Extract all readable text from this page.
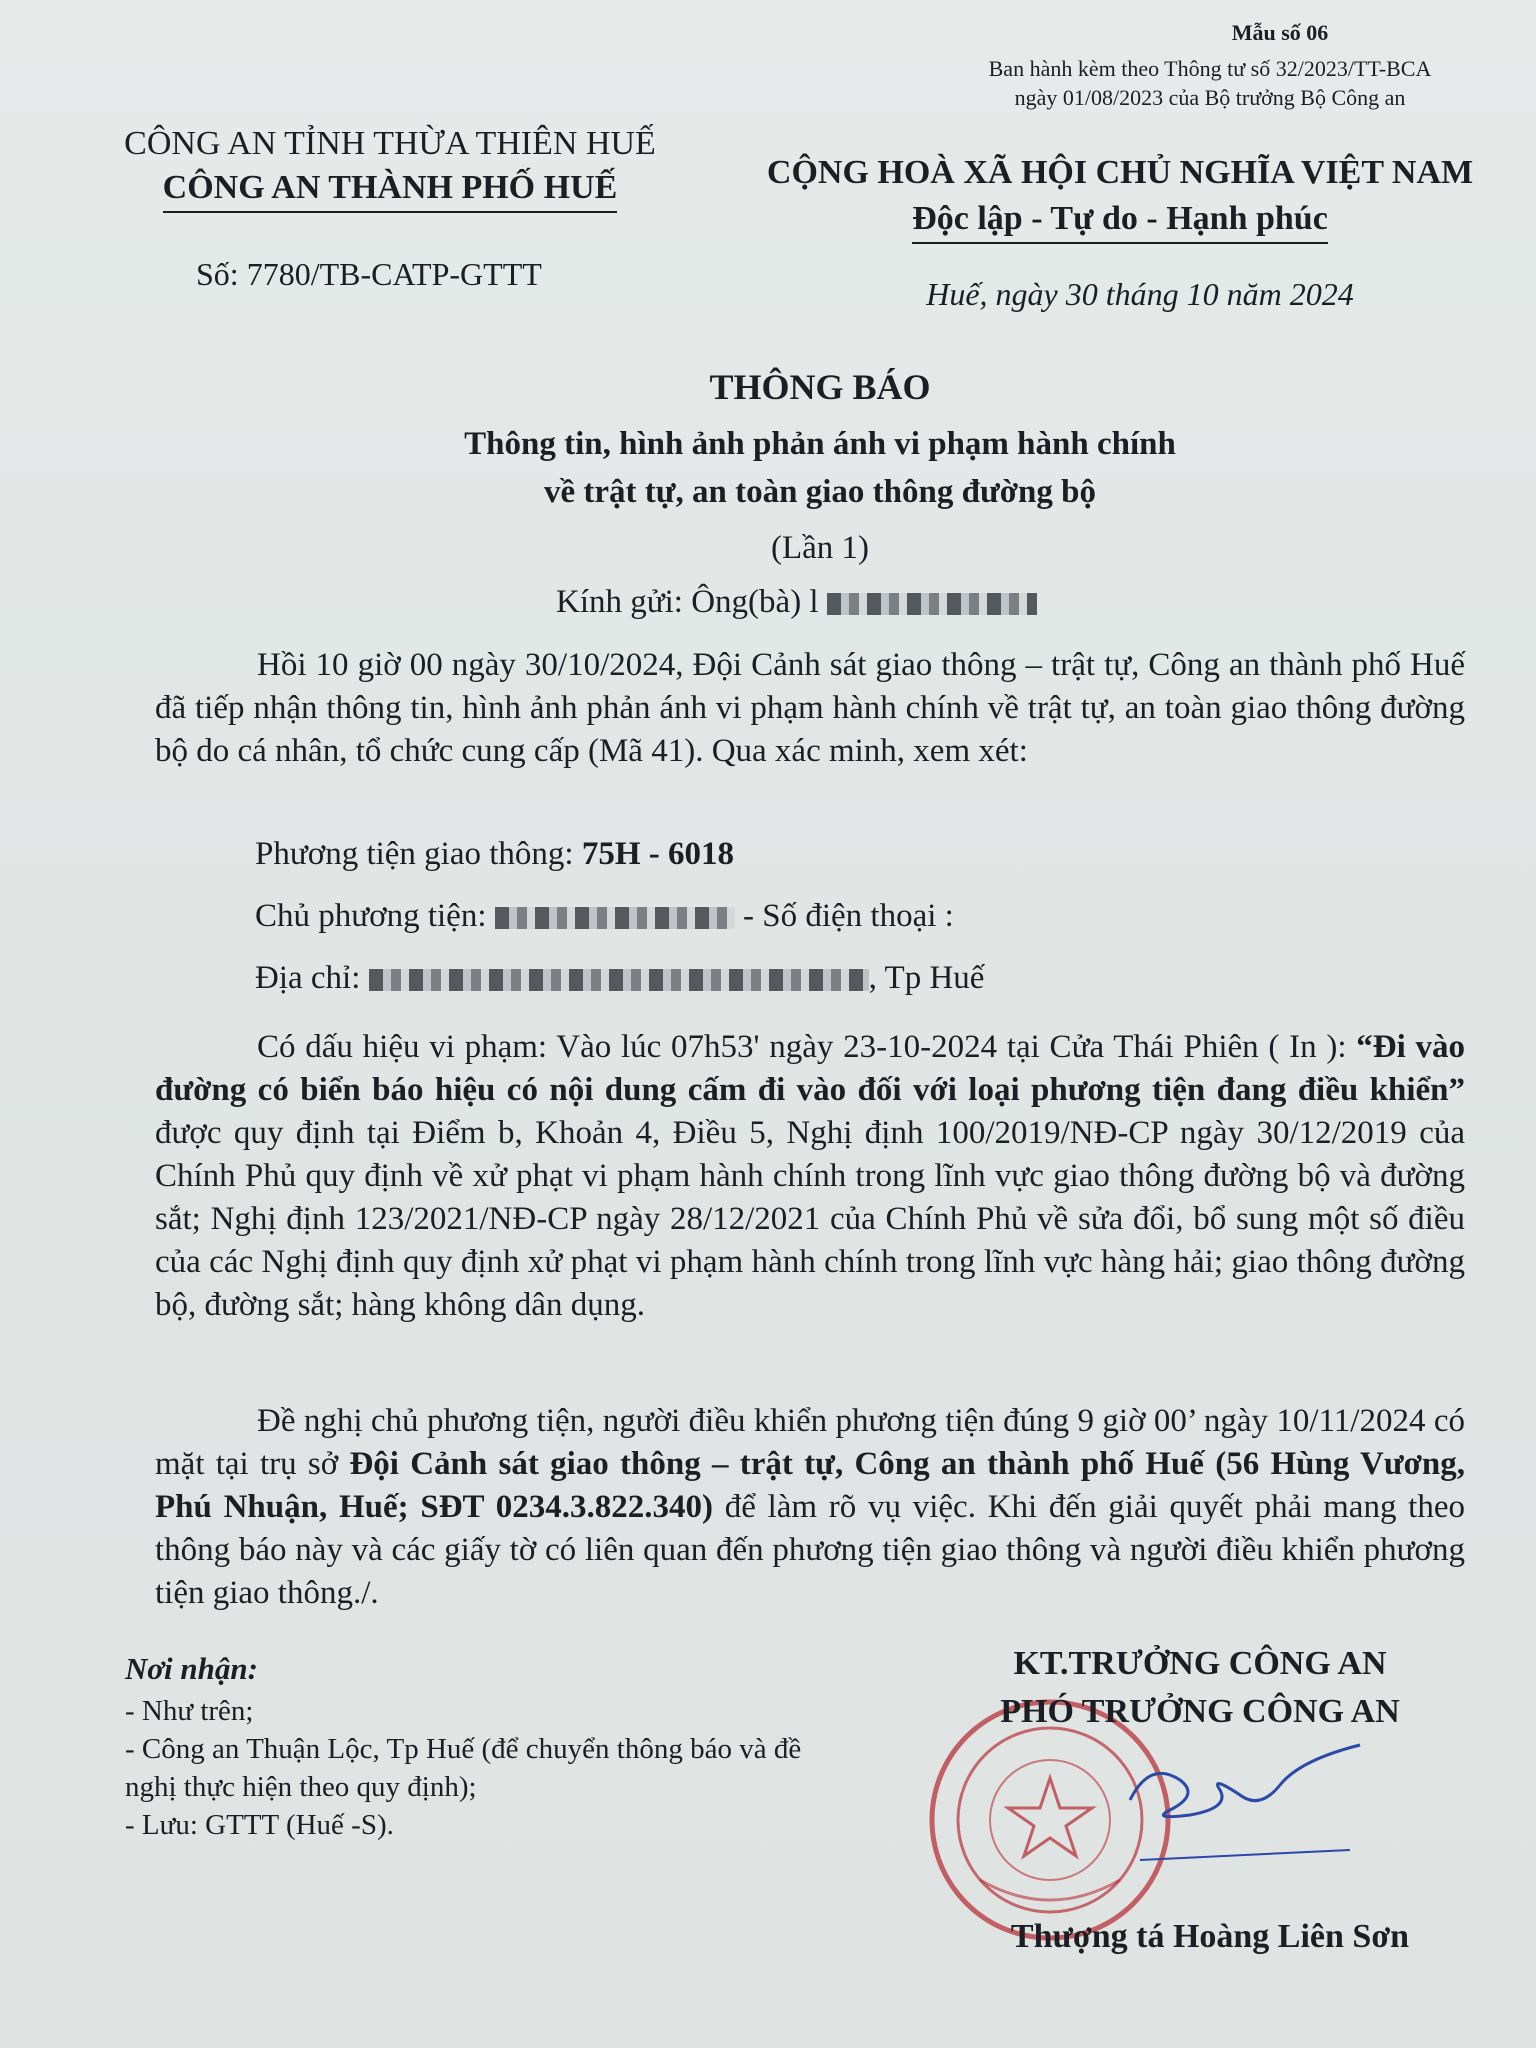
Mẫu số 06
Ban hành kèm theo Thông tư số 32/2023/TT-BCA
ngày 01/08/2023 của Bộ trưởng Bộ Công an
CÔNG AN TỈNH THỪA THIÊN HUẾ
CÔNG AN THÀNH PHỐ HUẾ	CỘNG HOÀ XÃ HỘI CHỦ NGHĨA VIỆT NAM
Độc lập - Tự do - Hạnh phúc
Số: 7780/TB-CATP-GTTT
Huế, ngày 30 tháng 10 năm 2024
THÔNG BÁO
Thông tin, hình ảnh phản ánh vi phạm hành chính
về trật tự, an toàn giao thông đường bộ
(Lần 1)
Kính gửi: Ông(bà) l

Hồi 10 giờ 00 ngày 30/10/2024, Đội Cảnh sát giao thông – trật tự, Công an thành phố Huế đã tiếp nhận thông tin, hình ảnh phản ánh vi phạm hành chính về trật tự, an toàn giao thông đường bộ do cá nhân, tổ chức cung cấp (Mã 41). Qua xác minh, xem xét:

Phương tiện giao thông: 75H - 6018
Chủ phương tiện:	- Số điện thoại :
Địa chỉ:	, Tp Huế

Có dấu hiệu vi phạm: Vào lúc 07h53' ngày 23-10-2024 tại Cửa Thái Phiên ( In ): “Đi vào đường có biển báo hiệu có nội dung cấm đi vào đối với loại phương tiện đang điều khiển” được quy định tại Điểm b, Khoản 4, Điều 5, Nghị định 100/2019/NĐ-CP ngày 30/12/2019 của Chính Phủ quy định về xử phạt vi phạm hành chính trong lĩnh vực giao thông đường bộ và đường sắt; Nghị định 123/2021/NĐ-CP ngày 28/12/2021 của Chính Phủ về sửa đổi, bổ sung một số điều của các Nghị định quy định xử phạt vi phạm hành chính trong lĩnh vực hàng hải; giao thông đường bộ, đường sắt; hàng không dân dụng.

Đề nghị chủ phương tiện, người điều khiển phương tiện đúng 9 giờ 00’ ngày 10/11/2024 có mặt tại trụ sở Đội Cảnh sát giao thông – trật tự, Công an thành phố Huế (56 Hùng Vương, Phú Nhuận, Huế; SĐT 0234.3.822.340) để làm rõ vụ việc. Khi đến giải quyết phải mang theo thông báo này và các giấy tờ có liên quan đến phương tiện giao thông và người điều khiển phương tiện giao thông./.

Nơi nhận:
- Như trên;
- Công an Thuận Lộc, Tp Huế (để chuyển thông báo và đề nghị thực hiện theo quy định);
- Lưu: GTTT (Huế -S).
KT.TRƯỞNG CÔNG AN
PHÓ TRƯỞNG CÔNG AN
Thượng tá Hoàng Liên Sơn
